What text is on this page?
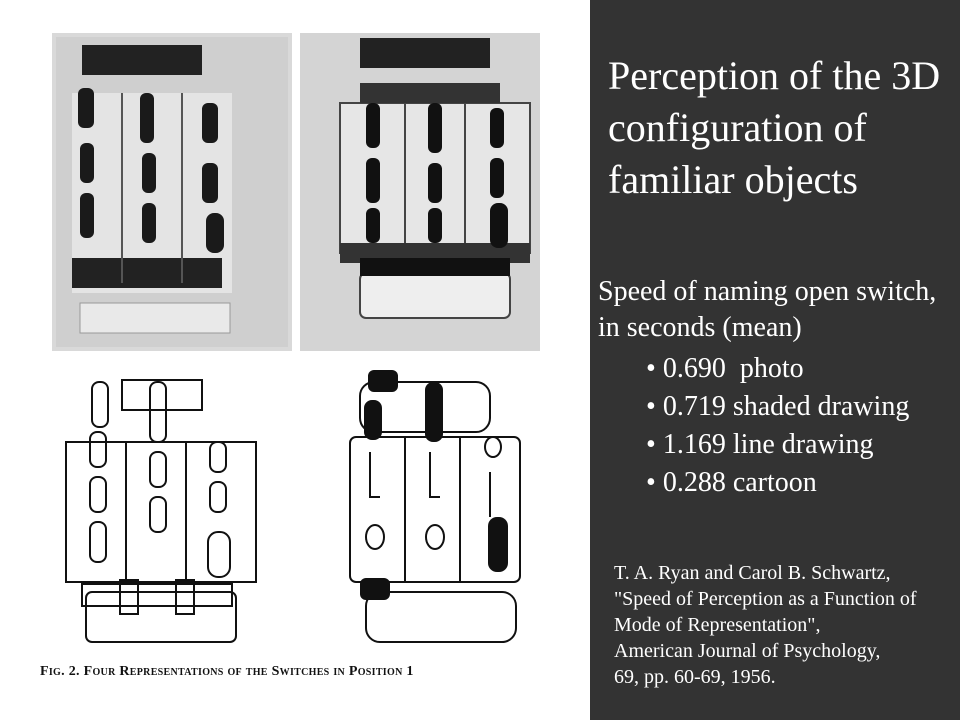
Fig. 2. Four Representations of the Switches in Position 1
Perception of the 3D configuration of familiar objects
Speed of naming open switch, in seconds (mean)
• 0.690 photo
• 0.719 shaded drawing
• 1.169 line drawing
• 0.288 cartoon
T. A. Ryan and Carol B. Schwartz,
"Speed of Perception as a Function of
Mode of Representation",
American Journal of Psychology,
69, pp. 60-69, 1956.
